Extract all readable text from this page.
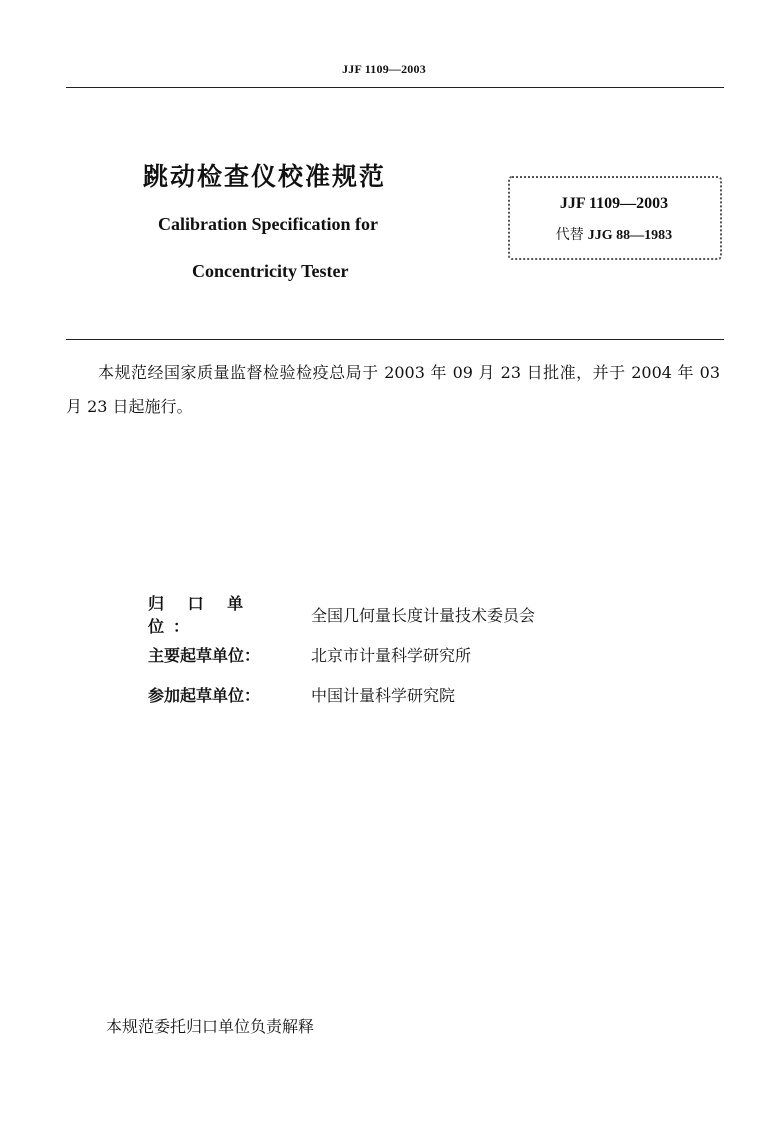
JJF 1109—2003
跳动检查仪校准规范
Calibration Specification for
Concentricity Tester
JJF 1109—2003
代替 JJG 88—1983
本规范经国家质量监督检验检疫总局于 2003 年 09 月 23 日批准，并于 2004 年 03 月 23 日起施行。
归 口 单 位：
全国几何量长度计量技术委员会
主要起草单位：	北京市计量科学研究所
参加起草单位：	中国计量科学研究院
本规范委托归口单位负责解释
